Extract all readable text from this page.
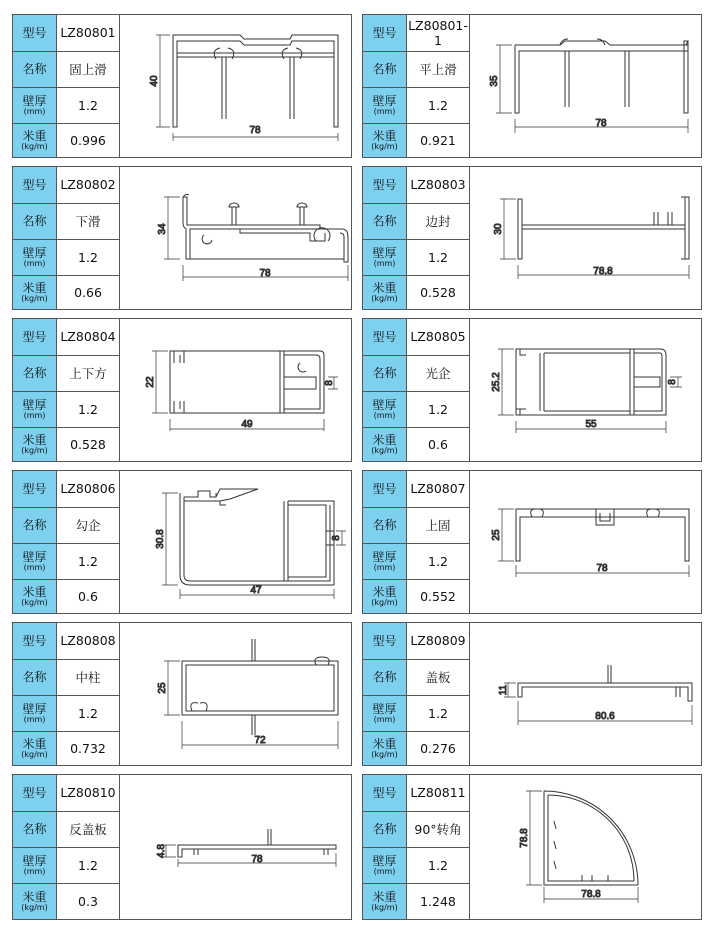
型号	LZ80801
名称	固上滑
壁厚
(mm)	1.2
米重
(kg/m)	0.996
40
78
型号	LZ80801-1
名称	平上滑
壁厚
(mm)	1.2
米重
(kg/m)	0.921
35
78
型号	LZ80802
名称	下滑
壁厚
(mm)	1.2
米重
(kg/m)	0.66
34
78
型号	LZ80803
名称	边封
壁厚
(mm)	1.2
米重
(kg/m)	0.528
30
78.8
型号	LZ80804
名称	上下方
壁厚
(mm)	1.2
米重
(kg/m)	0.528
22
49
8
型号	LZ80805
名称	光企
壁厚
(mm)	1.2
米重
(kg/m)	0.6
25.2
55
8
型号	LZ80806
名称	勾企
壁厚
(mm)	1.2
米重
(kg/m)	0.6
30.8
47
8
型号	LZ80807
名称	上固
壁厚
(mm)	1.2
米重
(kg/m)	0.552
25
78
型号	LZ80808
名称	中柱
壁厚
(mm)	1.2
米重
(kg/m)	0.732
25
72
型号	LZ80809
名称	盖板
壁厚
(mm)	1.2
米重
(kg/m)	0.276
11
80.6
型号	LZ80810
名称	反盖板
壁厚
(mm)	1.2
米重
(kg/m)	0.3
4.8
78
型号	LZ80811
名称	90°转角
壁厚
(mm)	1.2
米重
(kg/m)	1.248
78.8
78.8
